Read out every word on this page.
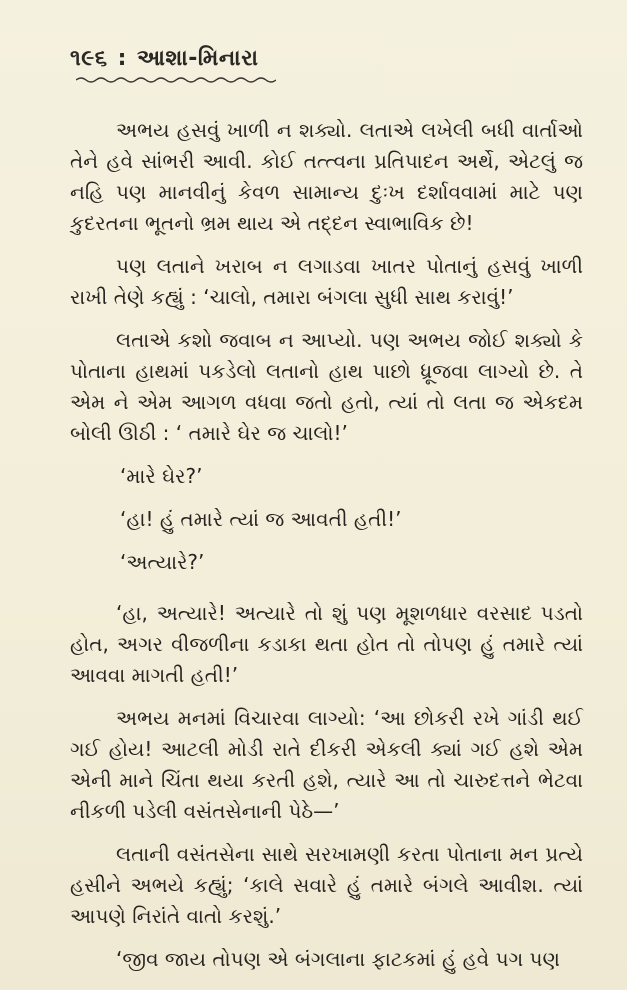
૧૯૬ : આશા-મિનારા

અભય હસવું ખાળી ન શક્યો. લતાએ લખેલી બધી વાર્તાઓ તેને હવે સાંભરી આવી. કોઈ તત્ત્વના પ્રતિપાદન અર્થે, એટલું જ નહિ પણ માનવીનું કેવળ સામાન્ય દુઃખ દર્શાવવામાં માટે પણ કુદરતના ભૂતનો ભ્રમ થાય એ તદ્દન સ્વાભાવિક છે!

પણ લતાને ખરાબ ન લગાડવા ખાતર પોતાનું હસવું ખાળી રાખી તેણે કહ્યું : ‘ચાલો, તમારા બંગલા સુધી સાથ કરાવું!’

લતાએ કશો જવાબ ન આપ્યો. પણ અભય જોઈ શક્યો કે પોતાના હાથમાં પકડેલો લતાનો હાથ પાછો ધ્રૂજવા લાગ્યો છે. તે એમ ને એમ આગળ વધવા જતો હતો, ત્યાં તો લતા જ એકદમ બોલી ઊઠી : ‘ તમારે ઘેર જ ચાલો!’

‘મારે ઘેર?’

‘હા! હું તમારે ત્યાં જ આવતી હતી!’

‘અત્યારે?’

‘હા, અત્યારે! અત્યારે તો શું પણ મૂશળધાર વરસાદ પડતો હોત, અગર વીજળીના કડાકા થતા હોત તો તોપણ હું તમારે ત્યાં આવવા માગતી હતી!’

અભય મનમાં વિચારવા લાગ્યો: ‘આ છોકરી રખે ગાંડી થઈ ગઈ હોય! આટલી મોડી રાતે દીકરી એકલી ક્યાં ગઈ હશે એમ એની માને ચિંતા થયા કરતી હશે, ત્યારે આ તો ચારુદત્તને ભેટવા નીકળી પડેલી વસંતસેનાની પેઠે—’

લતાની વસંતસેના સાથે સરખામણી કરતા પોતાના મન પ્રત્યે હસીને અભયે કહ્યું; ‘કાલે સવારે હું તમારે બંગલે આવીશ. ત્યાં આપણે નિરાંતે વાતો કરશું.’

‘જીવ જાય તોપણ એ બંગલાના ફાટકમાં હું હવે પગ પણ
